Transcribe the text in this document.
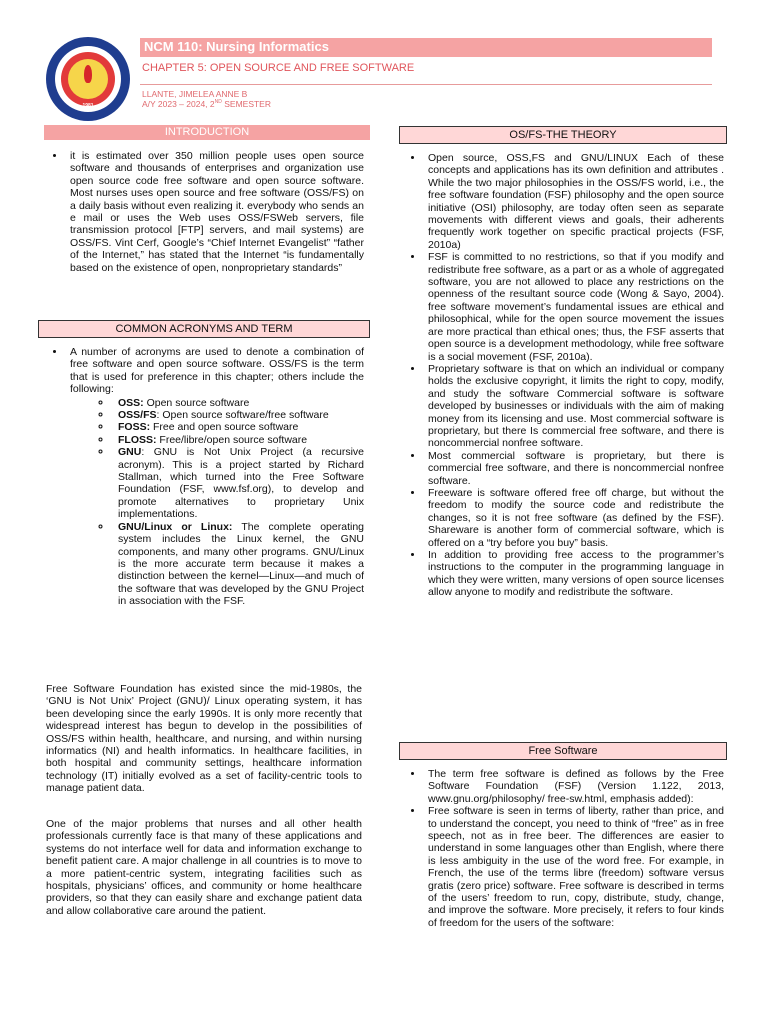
1981
NCM 110: Nursing Informatics
CHAPTER 5: OPEN SOURCE AND FREE SOFTWARE
LLANTE, JIMELEA ANNE B
A/Y 2023 – 2024, 2ND SEMESTER
INTRODUCTION
• it is estimated over 350 million people uses open source software and thousands of enterprises and organization use open source code free software and open source software. Most nurses uses open source and free software (OSS/FS) on a daily basis without even realizing it. everybody who sends an e mail or uses the Web uses OSS/FSWeb servers, file transmission protocol [FTP] servers, and mail systems) are OSS/FS. Vint Cerf, Google’s “Chief Internet Evangelist” “father of the Internet,” has stated that the Internet “is fundamentally based on the existence of open, nonproprietary standards”
COMMON ACRONYMS AND TERM
• A number of acronyms are used to denote a combination of free software and open source software. OSS/FS is the term that is used for preference in this chapter; others include the following:
◦ OSS: Open source software
◦ OSS/FS: Open source software/free software
◦ FOSS: Free and open source software
◦ FLOSS: Free/libre/open source software
◦ GNU: GNU is Not Unix Project (a recursive acronym). This is a project started by Richard Stallman, which turned into the Free Software Foundation (FSF, www.fsf.org), to develop and promote alternatives to proprietary Unix implementations.
◦ GNU/Linux or Linux: The complete operating system includes the Linux kernel, the GNU components, and many other programs. GNU/Linux is the more accurate term because it makes a distinction between the kernel—Linux—and much of the software that was developed by the GNU Project in association with the FSF.

Free Software Foundation has existed since the mid-1980s, the ‘GNU is Not Unix’ Project (GNU)/ Linux operating system, it has been developing since the early 1990s. It is only more recently that widespread interest has begun to develop in the possibilities of OSS/FS within health, healthcare, and nursing, and within nursing informatics (NI) and health informatics. In healthcare facilities, in both hospital and community settings, healthcare information technology (IT) initially evolved as a set of facility-centric tools to manage patient data.

One of the major problems that nurses and all other health professionals currently face is that many of these applications and systems do not interface well for data and information exchange to benefit patient care. A major challenge in all countries is to move to a more patient-centric system, integrating facilities such as hospitals, physicians’ offices, and community or home healthcare providers, so that they can easily share and exchange patient data and allow collaborative care around the patient.

OS/FS-THE THEORY
• Open source, OSS,FS and GNU/LINUX Each of these concepts and applications has its own definition and attributes . While the two major philosophies in the OSS/FS world, i.e., the free software foundation (FSF) philosophy and the open source initiative (OSI) philosophy, are today often seen as separate movements with different views and goals, their adherents frequently work together on specific practical projects (FSF, 2010a)
• FSF is committed to no restrictions, so that if you modify and redistribute free software, as a part or as a whole of aggregated software, you are not allowed to place any restrictions on the openness of the resultant source code (Wong & Sayo, 2004). free software movement’s fundamental issues are ethical and philosophical, while for the open source movement the issues are more practical than ethical ones; thus, the FSF asserts that open source is a development methodology, while free software is a social movement (FSF, 2010a).
• Proprietary software is that on which an individual or company holds the exclusive copyright, it limits the right to copy, modify, and study the software Commercial software is software developed by businesses or individuals with the aim of making money from its licensing and use. Most commercial software is proprietary, but there Is commercial free software, and there is noncommercial nonfree software.
• Most commercial software is proprietary, but there is commercial free software, and there is noncommercial nonfree software.
• Freeware is software offered free off charge, but without the freedom to modify the source code and redistribute the changes, so it is not free software (as defined by the FSF). Shareware is another form of commercial software, which is offered on a “try before you buy” basis.
• In addition to providing free access to the programmer’s instructions to the computer in the programming language in which they were written, many versions of open source licenses allow anyone to modify and redistribute the software.
Free Software
• The term free software is defined as follows by the Free Software Foundation (FSF) (Version 1.122, 2013, www.gnu.org/philosophy/ free-sw.html, emphasis added):
• Free software is seen in terms of liberty, rather than price, and to understand the concept, you need to think of “free” as in free speech, not as in free beer. The differences are easier to understand in some languages other than English, where there is less ambiguity in the use of the word free. For example, in French, the use of the terms libre (freedom) software versus gratis (zero price) software. Free software is described in terms of the users’ freedom to run, copy, distribute, study, change, and improve the software. More precisely, it refers to four kinds of freedom for the users of the software:
